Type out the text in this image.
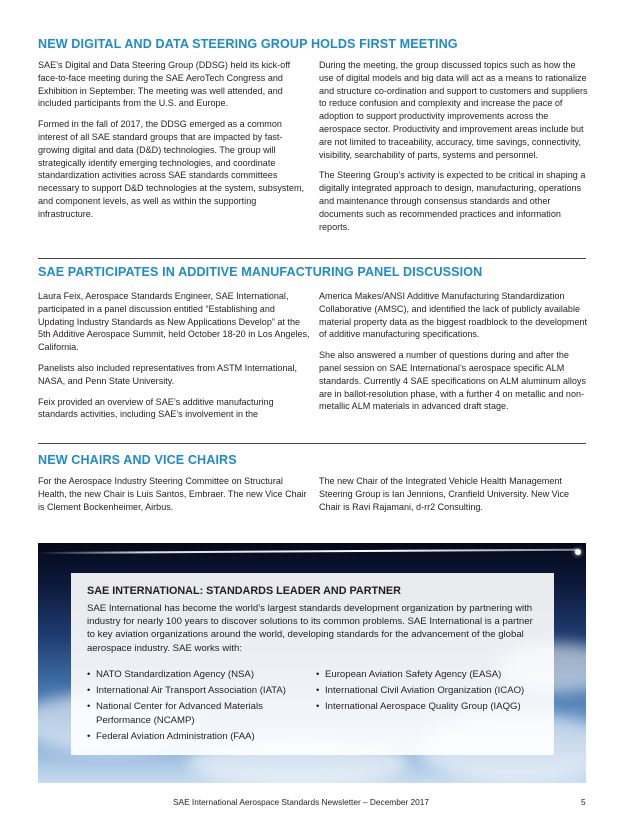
NEW DIGITAL AND DATA STEERING GROUP HOLDS FIRST MEETING

SAE’s Digital and Data Steering Group (DDSG) held its kick-off face-to-face meeting during the SAE AeroTech Congress and Exhibition in September. The meeting was well attended, and included participants from the U.S. and Europe.

Formed in the fall of 2017, the DDSG emerged as a common interest of all SAE standard groups that are impacted by fast-growing digital and data (D&D) technologies. The group will strategically identify emerging technologies, and coordinate standardization activities across SAE standards committees necessary to support D&D technologies at the system, subsystem, and component levels, as well as within the supporting infrastructure.

During the meeting, the group discussed topics such as how the use of digital models and big data will act as a means to rationalize and structure co-ordination and support to customers and suppliers to reduce confusion and complexity and increase the pace of adoption to support productivity improvements across the aerospace sector. Productivity and improvement areas include but are not limited to traceability, accuracy, time savings, connectivity, visibility, searchability of parts, systems and personnel.

The Steering Group’s activity is expected to be critical in shaping a digitally integrated approach to design, manufacturing, operations and maintenance through consensus standards and other documents such as recommended practices and information reports.

SAE PARTICIPATES IN ADDITIVE MANUFACTURING PANEL DISCUSSION

Laura Feix, Aerospace Standards Engineer, SAE International, participated in a panel discussion entitled “Establishing and Updating Industry Standards as New Applications Develop” at the 5th Additive Aerospace Summit, held October 18-20 in Los Angeles, California.

Panelists also included representatives from ASTM International, NASA, and Penn State University.

Feix provided an overview of SAE’s additive manufacturing standards activities, including SAE’s involvement in the

America Makes/ANSI Additive Manufacturing Standardization Collaborative (AMSC), and identified the lack of publicly available material property data as the biggest roadblock to the development of additive manufacturing specifications.

She also answered a number of questions during and after the panel session on SAE International’s aerospace specific ALM standards. Currently 4 SAE specifications on ALM aluminum alloys are in ballot-resolution phase, with a further 4 on metallic and non-metallic ALM materials in advanced draft stage.

NEW CHAIRS AND VICE CHAIRS

For the Aerospace Industry Steering Committee on Structural Health, the new Chair is Luis Santos, Embraer. The new Vice Chair is Clement Bockenheimer, Airbus.

The new Chair of the Integrated Vehicle Health Management Steering Group is Ian Jennions, Cranfield University. New Vice Chair is Ravi Rajamani, d-rr2 Consulting.

SAE INTERNATIONAL: STANDARDS LEADER AND PARTNER
SAE International has become the world’s largest standards development organization by partnering with industry for nearly 100 years to discover solutions to its common problems. SAE International is a partner to key aviation organizations around the world, developing standards for the advancement of the global aerospace industry. SAE works with:
• NATO Standardization Agency (NSA)
• International Air Transport Association (IATA)
• National Center for Advanced Materials Performance (NCAMP)
• Federal Aviation Administration (FAA)
• European Aviation Safety Agency (EASA)
• International Civil Aviation Organization (ICAO)
• International Aerospace Quality Group (IAQG)
SAE International Aerospace Standards Newsletter – December 2017	5
